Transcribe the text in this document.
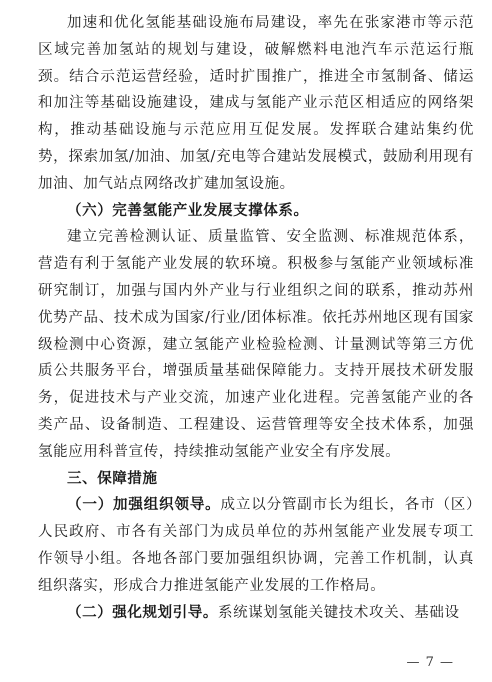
加速和优化氢能基础设施布局建设，率先在张家港市等示范区域完善加氢站的规划与建设，破解燃料电池汽车示范运行瓶颈。结合示范运营经验，适时扩围推广，推进全市氢制备、储运和加注等基础设施建设，建成与氢能产业示范区相适应的网络架构，推动基础设施与示范应用互促发展。发挥联合建站集约优势，探索加氢/加油、加氢/充电等合建站发展模式，鼓励利用现有加油、加气站点网络改扩建加氢设施。

（六）完善氢能产业发展支撑体系。

建立完善检测认证、质量监管、安全监测、标准规范体系，营造有利于氢能产业发展的软环境。积极参与氢能产业领域标准研究制订，加强与国内外产业与行业组织之间的联系，推动苏州优势产品、技术成为国家/行业/团体标准。依托苏州地区现有国家级检测中心资源，建立氢能产业检验检测、计量测试等第三方优质公共服务平台，增强质量基础保障能力。支持开展技术研发服务，促进技术与产业交流，加速产业化进程。完善氢能产业的各类产品、设备制造、工程建设、运营管理等安全技术体系，加强氢能应用科普宣传，持续推动氢能产业安全有序发展。

三、保障措施

（一）加强组织领导。成立以分管副市长为组长，各市（区）人民政府、市各有关部门为成员单位的苏州氢能产业发展专项工作领导小组。各地各部门要加强组织协调，完善工作机制，认真组织落实，形成合力推进氢能产业发展的工作格局。

（二）强化规划引导。系统谋划氢能关键技术攻关、基础设

— 7 —
